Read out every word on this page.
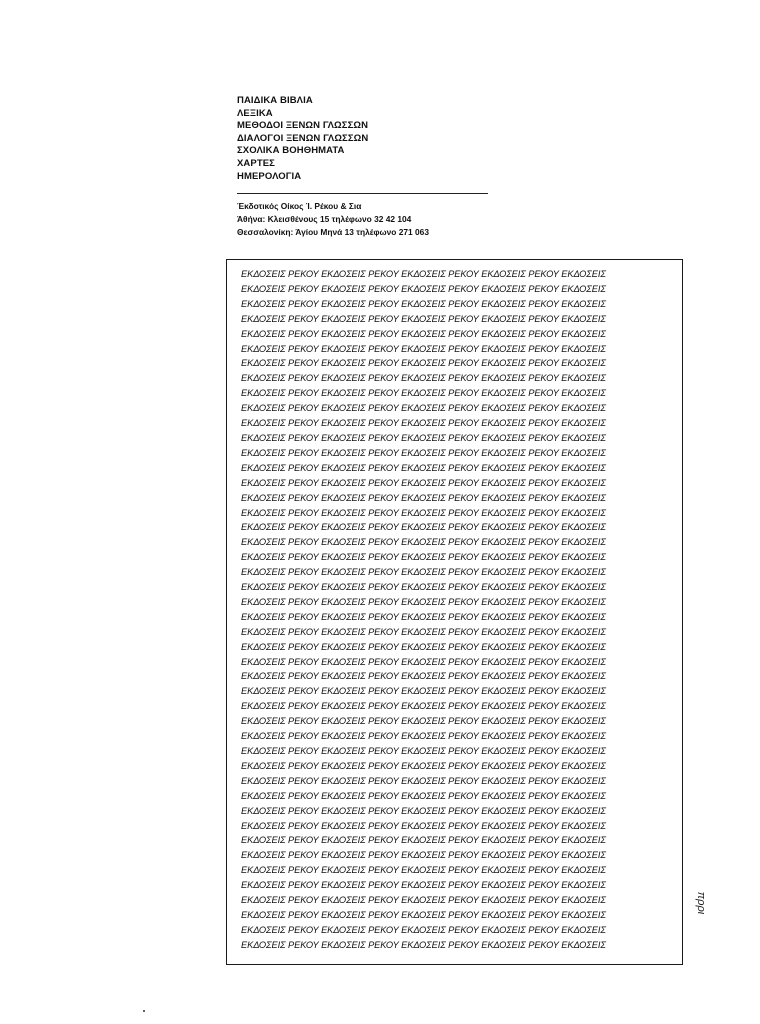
ΠΑΙΔΙΚΑ ΒΙΒΛΙΑ
ΛΕΞΙΚΑ
ΜΕΘΟΔΟΙ ΞΕΝΩΝ ΓΛΩΣΣΩΝ
ΔΙΑΛΟΓΟΙ ΞΕΝΩΝ ΓΛΩΣΣΩΝ
ΣΧΟΛΙΚΑ ΒΟΗΘΗΜΑΤΑ
ΧΑΡΤΕΣ
ΗΜΕΡΟΛΟΓΙΑ
Έκδοτικός Οίκος Ί. Ρέκου & Σια
Άθήνα: Κλεισθένους 15 τηλέφωνο 32 42 104
Θεσσαλονίκη: Άγίου Μηνά 13 τηλέφωνο 271 063
ΕΚΔΟΣΕΙΣ ΡΕΚΟΥ ΕΚΔΟΣΕΙΣ ΡΕΚΟΥ ΕΚΔΟΣΕΙΣ ΡΕΚΟΥ ΕΚΔΟΣΕΙΣ ΡΕΚΟΥ ΕΚΔΟΣΕΙΣ
ΕΚΔΟΣΕΙΣ ΡΕΚΟΥ ΕΚΔΟΣΕΙΣ ΡΕΚΟΥ ΕΚΔΟΣΕΙΣ ΡΕΚΟΥ ΕΚΔΟΣΕΙΣ ΡΕΚΟΥ ΕΚΔΟΣΕΙΣ
ΕΚΔΟΣΕΙΣ ΡΕΚΟΥ ΕΚΔΟΣΕΙΣ ΡΕΚΟΥ ΕΚΔΟΣΕΙΣ ΡΕΚΟΥ ΕΚΔΟΣΕΙΣ ΡΕΚΟΥ ΕΚΔΟΣΕΙΣ
ΕΚΔΟΣΕΙΣ ΡΕΚΟΥ ΕΚΔΟΣΕΙΣ ΡΕΚΟΥ ΕΚΔΟΣΕΙΣ ΡΕΚΟΥ ΕΚΔΟΣΕΙΣ ΡΕΚΟΥ ΕΚΔΟΣΕΙΣ
ΕΚΔΟΣΕΙΣ ΡΕΚΟΥ ΕΚΔΟΣΕΙΣ ΡΕΚΟΥ ΕΚΔΟΣΕΙΣ ΡΕΚΟΥ ΕΚΔΟΣΕΙΣ ΡΕΚΟΥ ΕΚΔΟΣΕΙΣ
ΕΚΔΟΣΕΙΣ ΡΕΚΟΥ ΕΚΔΟΣΕΙΣ ΡΕΚΟΥ ΕΚΔΟΣΕΙΣ ΡΕΚΟΥ ΕΚΔΟΣΕΙΣ ΡΕΚΟΥ ΕΚΔΟΣΕΙΣ
ΕΚΔΟΣΕΙΣ ΡΕΚΟΥ ΕΚΔΟΣΕΙΣ ΡΕΚΟΥ ΕΚΔΟΣΕΙΣ ΡΕΚΟΥ ΕΚΔΟΣΕΙΣ ΡΕΚΟΥ ΕΚΔΟΣΕΙΣ
ΕΚΔΟΣΕΙΣ ΡΕΚΟΥ ΕΚΔΟΣΕΙΣ ΡΕΚΟΥ ΕΚΔΟΣΕΙΣ ΡΕΚΟΥ ΕΚΔΟΣΕΙΣ ΡΕΚΟΥ ΕΚΔΟΣΕΙΣ
ΕΚΔΟΣΕΙΣ ΡΕΚΟΥ ΕΚΔΟΣΕΙΣ ΡΕΚΟΥ ΕΚΔΟΣΕΙΣ ΡΕΚΟΥ ΕΚΔΟΣΕΙΣ ΡΕΚΟΥ ΕΚΔΟΣΕΙΣ
ΕΚΔΟΣΕΙΣ ΡΕΚΟΥ ΕΚΔΟΣΕΙΣ ΡΕΚΟΥ ΕΚΔΟΣΕΙΣ ΡΕΚΟΥ ΕΚΔΟΣΕΙΣ ΡΕΚΟΥ ΕΚΔΟΣΕΙΣ
ΕΚΔΟΣΕΙΣ ΡΕΚΟΥ ΕΚΔΟΣΕΙΣ ΡΕΚΟΥ ΕΚΔΟΣΕΙΣ ΡΕΚΟΥ ΕΚΔΟΣΕΙΣ ΡΕΚΟΥ ΕΚΔΟΣΕΙΣ
ΕΚΔΟΣΕΙΣ ΡΕΚΟΥ ΕΚΔΟΣΕΙΣ ΡΕΚΟΥ ΕΚΔΟΣΕΙΣ ΡΕΚΟΥ ΕΚΔΟΣΕΙΣ ΡΕΚΟΥ ΕΚΔΟΣΕΙΣ
ΕΚΔΟΣΕΙΣ ΡΕΚΟΥ ΕΚΔΟΣΕΙΣ ΡΕΚΟΥ ΕΚΔΟΣΕΙΣ ΡΕΚΟΥ ΕΚΔΟΣΕΙΣ ΡΕΚΟΥ ΕΚΔΟΣΕΙΣ
ΕΚΔΟΣΕΙΣ ΡΕΚΟΥ ΕΚΔΟΣΕΙΣ ΡΕΚΟΥ ΕΚΔΟΣΕΙΣ ΡΕΚΟΥ ΕΚΔΟΣΕΙΣ ΡΕΚΟΥ ΕΚΔΟΣΕΙΣ
ΕΚΔΟΣΕΙΣ ΡΕΚΟΥ ΕΚΔΟΣΕΙΣ ΡΕΚΟΥ ΕΚΔΟΣΕΙΣ ΡΕΚΟΥ ΕΚΔΟΣΕΙΣ ΡΕΚΟΥ ΕΚΔΟΣΕΙΣ
ΕΚΔΟΣΕΙΣ ΡΕΚΟΥ ΕΚΔΟΣΕΙΣ ΡΕΚΟΥ ΕΚΔΟΣΕΙΣ ΡΕΚΟΥ ΕΚΔΟΣΕΙΣ ΡΕΚΟΥ ΕΚΔΟΣΕΙΣ
ΕΚΔΟΣΕΙΣ ΡΕΚΟΥ ΕΚΔΟΣΕΙΣ ΡΕΚΟΥ ΕΚΔΟΣΕΙΣ ΡΕΚΟΥ ΕΚΔΟΣΕΙΣ ΡΕΚΟΥ ΕΚΔΟΣΕΙΣ
ΕΚΔΟΣΕΙΣ ΡΕΚΟΥ ΕΚΔΟΣΕΙΣ ΡΕΚΟΥ ΕΚΔΟΣΕΙΣ ΡΕΚΟΥ ΕΚΔΟΣΕΙΣ ΡΕΚΟΥ ΕΚΔΟΣΕΙΣ
ΕΚΔΟΣΕΙΣ ΡΕΚΟΥ ΕΚΔΟΣΕΙΣ ΡΕΚΟΥ ΕΚΔΟΣΕΙΣ ΡΕΚΟΥ ΕΚΔΟΣΕΙΣ ΡΕΚΟΥ ΕΚΔΟΣΕΙΣ
ΕΚΔΟΣΕΙΣ ΡΕΚΟΥ ΕΚΔΟΣΕΙΣ ΡΕΚΟΥ ΕΚΔΟΣΕΙΣ ΡΕΚΟΥ ΕΚΔΟΣΕΙΣ ΡΕΚΟΥ ΕΚΔΟΣΕΙΣ
ΕΚΔΟΣΕΙΣ ΡΕΚΟΥ ΕΚΔΟΣΕΙΣ ΡΕΚΟΥ ΕΚΔΟΣΕΙΣ ΡΕΚΟΥ ΕΚΔΟΣΕΙΣ ΡΕΚΟΥ ΕΚΔΟΣΕΙΣ
ΕΚΔΟΣΕΙΣ ΡΕΚΟΥ ΕΚΔΟΣΕΙΣ ΡΕΚΟΥ ΕΚΔΟΣΕΙΣ ΡΕΚΟΥ ΕΚΔΟΣΕΙΣ ΡΕΚΟΥ ΕΚΔΟΣΕΙΣ
ΕΚΔΟΣΕΙΣ ΡΕΚΟΥ ΕΚΔΟΣΕΙΣ ΡΕΚΟΥ ΕΚΔΟΣΕΙΣ ΡΕΚΟΥ ΕΚΔΟΣΕΙΣ ΡΕΚΟΥ ΕΚΔΟΣΕΙΣ
ΕΚΔΟΣΕΙΣ ΡΕΚΟΥ ΕΚΔΟΣΕΙΣ ΡΕΚΟΥ ΕΚΔΟΣΕΙΣ ΡΕΚΟΥ ΕΚΔΟΣΕΙΣ ΡΕΚΟΥ ΕΚΔΟΣΕΙΣ
ΕΚΔΟΣΕΙΣ ΡΕΚΟΥ ΕΚΔΟΣΕΙΣ ΡΕΚΟΥ ΕΚΔΟΣΕΙΣ ΡΕΚΟΥ ΕΚΔΟΣΕΙΣ ΡΕΚΟΥ ΕΚΔΟΣΕΙΣ
ΕΚΔΟΣΕΙΣ ΡΕΚΟΥ ΕΚΔΟΣΕΙΣ ΡΕΚΟΥ ΕΚΔΟΣΕΙΣ ΡΕΚΟΥ ΕΚΔΟΣΕΙΣ ΡΕΚΟΥ ΕΚΔΟΣΕΙΣ
ΕΚΔΟΣΕΙΣ ΡΕΚΟΥ ΕΚΔΟΣΕΙΣ ΡΕΚΟΥ ΕΚΔΟΣΕΙΣ ΡΕΚΟΥ ΕΚΔΟΣΕΙΣ ΡΕΚΟΥ ΕΚΔΟΣΕΙΣ
ΕΚΔΟΣΕΙΣ ΡΕΚΟΥ ΕΚΔΟΣΕΙΣ ΡΕΚΟΥ ΕΚΔΟΣΕΙΣ ΡΕΚΟΥ ΕΚΔΟΣΕΙΣ ΡΕΚΟΥ ΕΚΔΟΣΕΙΣ
ΕΚΔΟΣΕΙΣ ΡΕΚΟΥ ΕΚΔΟΣΕΙΣ ΡΕΚΟΥ ΕΚΔΟΣΕΙΣ ΡΕΚΟΥ ΕΚΔΟΣΕΙΣ ΡΕΚΟΥ ΕΚΔΟΣΕΙΣ
ΕΚΔΟΣΕΙΣ ΡΕΚΟΥ ΕΚΔΟΣΕΙΣ ΡΕΚΟΥ ΕΚΔΟΣΕΙΣ ΡΕΚΟΥ ΕΚΔΟΣΕΙΣ ΡΕΚΟΥ ΕΚΔΟΣΕΙΣ
ΕΚΔΟΣΕΙΣ ΡΕΚΟΥ ΕΚΔΟΣΕΙΣ ΡΕΚΟΥ ΕΚΔΟΣΕΙΣ ΡΕΚΟΥ ΕΚΔΟΣΕΙΣ ΡΕΚΟΥ ΕΚΔΟΣΕΙΣ
ΕΚΔΟΣΕΙΣ ΡΕΚΟΥ ΕΚΔΟΣΕΙΣ ΡΕΚΟΥ ΕΚΔΟΣΕΙΣ ΡΕΚΟΥ ΕΚΔΟΣΕΙΣ ΡΕΚΟΥ ΕΚΔΟΣΕΙΣ
ΕΚΔΟΣΕΙΣ ΡΕΚΟΥ ΕΚΔΟΣΕΙΣ ΡΕΚΟΥ ΕΚΔΟΣΕΙΣ ΡΕΚΟΥ ΕΚΔΟΣΕΙΣ ΡΕΚΟΥ ΕΚΔΟΣΕΙΣ
ΕΚΔΟΣΕΙΣ ΡΕΚΟΥ ΕΚΔΟΣΕΙΣ ΡΕΚΟΥ ΕΚΔΟΣΕΙΣ ΡΕΚΟΥ ΕΚΔΟΣΕΙΣ ΡΕΚΟΥ ΕΚΔΟΣΕΙΣ
ΕΚΔΟΣΕΙΣ ΡΕΚΟΥ ΕΚΔΟΣΕΙΣ ΡΕΚΟΥ ΕΚΔΟΣΕΙΣ ΡΕΚΟΥ ΕΚΔΟΣΕΙΣ ΡΕΚΟΥ ΕΚΔΟΣΕΙΣ
ΕΚΔΟΣΕΙΣ ΡΕΚΟΥ ΕΚΔΟΣΕΙΣ ΡΕΚΟΥ ΕΚΔΟΣΕΙΣ ΡΕΚΟΥ ΕΚΔΟΣΕΙΣ ΡΕΚΟΥ ΕΚΔΟΣΕΙΣ
ΕΚΔΟΣΕΙΣ ΡΕΚΟΥ ΕΚΔΟΣΕΙΣ ΡΕΚΟΥ ΕΚΔΟΣΕΙΣ ΡΕΚΟΥ ΕΚΔΟΣΕΙΣ ΡΕΚΟΥ ΕΚΔΟΣΕΙΣ
ΕΚΔΟΣΕΙΣ ΡΕΚΟΥ ΕΚΔΟΣΕΙΣ ΡΕΚΟΥ ΕΚΔΟΣΕΙΣ ΡΕΚΟΥ ΕΚΔΟΣΕΙΣ ΡΕΚΟΥ ΕΚΔΟΣΕΙΣ
ΕΚΔΟΣΕΙΣ ΡΕΚΟΥ ΕΚΔΟΣΕΙΣ ΡΕΚΟΥ ΕΚΔΟΣΕΙΣ ΡΕΚΟΥ ΕΚΔΟΣΕΙΣ ΡΕΚΟΥ ΕΚΔΟΣΕΙΣ
ΕΚΔΟΣΕΙΣ ΡΕΚΟΥ ΕΚΔΟΣΕΙΣ ΡΕΚΟΥ ΕΚΔΟΣΕΙΣ ΡΕΚΟΥ ΕΚΔΟΣΕΙΣ ΡΕΚΟΥ ΕΚΔΟΣΕΙΣ
ΕΚΔΟΣΕΙΣ ΡΕΚΟΥ ΕΚΔΟΣΕΙΣ ΡΕΚΟΥ ΕΚΔΟΣΕΙΣ ΡΕΚΟΥ ΕΚΔΟΣΕΙΣ ΡΕΚΟΥ ΕΚΔΟΣΕΙΣ
ΕΚΔΟΣΕΙΣ ΡΕΚΟΥ ΕΚΔΟΣΕΙΣ ΡΕΚΟΥ ΕΚΔΟΣΕΙΣ ΡΕΚΟΥ ΕΚΔΟΣΕΙΣ ΡΕΚΟΥ ΕΚΔΟΣΕΙΣ
ΕΚΔΟΣΕΙΣ ΡΕΚΟΥ ΕΚΔΟΣΕΙΣ ΡΕΚΟΥ ΕΚΔΟΣΕΙΣ ΡΕΚΟΥ ΕΚΔΟΣΕΙΣ ΡΕΚΟΥ ΕΚΔΟΣΕΙΣ
ΕΚΔΟΣΕΙΣ ΡΕΚΟΥ ΕΚΔΟΣΕΙΣ ΡΕΚΟΥ ΕΚΔΟΣΕΙΣ ΡΕΚΟΥ ΕΚΔΟΣΕΙΣ ΡΕΚΟΥ ΕΚΔΟΣΕΙΣ
ΕΚΔΟΣΕΙΣ ΡΕΚΟΥ ΕΚΔΟΣΕΙΣ ΡΕΚΟΥ ΕΚΔΟΣΕΙΣ ΡΕΚΟΥ ΕΚΔΟΣΕΙΣ ΡΕΚΟΥ ΕΚΔΟΣΕΙΣ
ΕΚΔΟΣΕΙΣ ΡΕΚΟΥ ΕΚΔΟΣΕΙΣ ΡΕΚΟΥ ΕΚΔΟΣΕΙΣ ΡΕΚΟΥ ΕΚΔΟΣΕΙΣ ΡΕΚΟΥ ΕΚΔΟΣΕΙΣ
πρρι
